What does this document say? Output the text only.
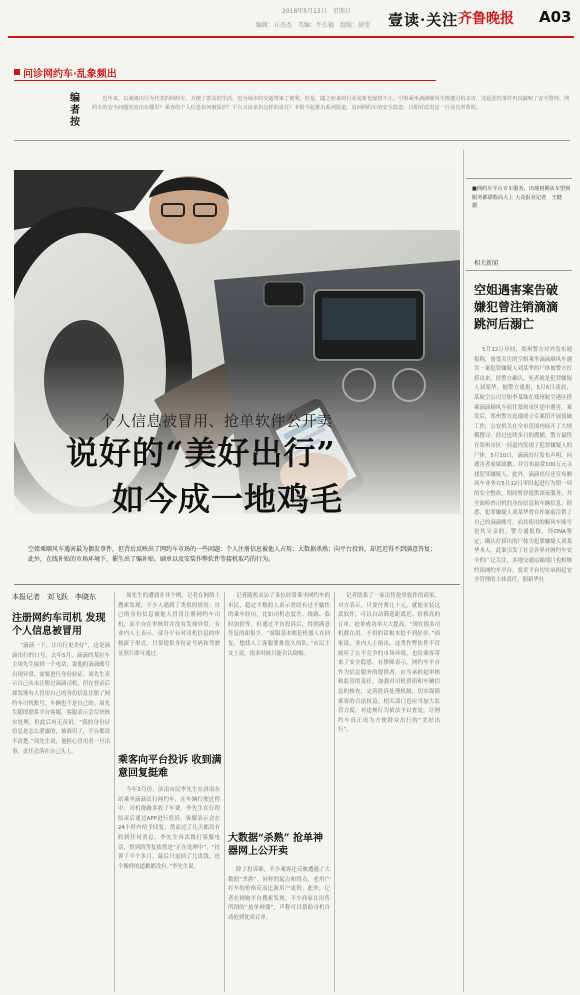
2018年5月13日　星期日
编辑：丘杰杰　美编：牛长德　组版：徐莹 壹读·关注 齐鲁晚报 A03
问诊网约车·乱象频出
编者按
近年来，以滴滴出行为代表的网约车，方便了群众的生活，也为城市的交通带来了便利。但是，随之而来的行业乱象也屡禁不止。空姐乘坐滴滴顺风车惨遭司机杀害，这起恶性事件再次敲响了安全警钟。网约车的安全问题究竟出在哪里？乘客的个人信息如何被保护？平台又该承担怎样的责任？本报今起推出系列报道，追问网约车的安全隐患，以期对改进这一行业有所帮助。
■网约车平台专车服务，出现初期从车型到服务都堪称高大上 大众报业记者　王健　摄
个人信息被冒用、抢单软件公开卖
说好的“美好出行”
如今成一地鸡毛
空姐乘顺风车遇害最为偶发事件，但背后反映出了网约车市场的一些问题：个人注册信息被他人占用；大数据杀熟；向平台投诉，却迟迟得不到满意答复；此外，在线补贴的市场环境下，催生出了骗补贴、刷单以及安装作弊软件等接机取巧的行为。
本报记者　刘飞跃　李晓东
注册网约车司机 发现个人信息被冒用
“滴滴一下，让出行更美好”，这是滴滴出行的口号。去年5月，滴滴的某位车主周先生接到一个电话，说他的滴滴账号出现异常，需要进行身份验证。周先生表示自己从未注册过滴滴司机，但在登录后却发现有人冒用自己的身份信息注册了网约车司机账号，车辆也不是自己的。周先生随即联系平台客服，客服表示会尽快核实处理，但此后再无音讯。“我的身份证信息是怎么泄露的，被谁用了，平台都说不清楚。”周先生说，他担心冒用者一旦出事，责任会落在自己头上。
周先生的遭遇并非个例。记者在网络上搜索发现，不少人遇到了类似的情况：自己的身份信息被他人冒用注册网约车司机，而平台在审核时并没有发现异常。有业内人士表示，部分平台对司机信息的审核流于形式，只要提供身份证号码和驾驶证照片即可通过。
乘客向平台投诉 收到满意回复挺难
今年3月份，济南市民李先生在济南东站乘坐滴滴出行网约车，在车辆行驶过程中，司机绕路多收了车费。李先生在行程结束后通过APP进行投诉，客服表示会在24小时内给予回复，然而过了几天都没有收到任何消息。李先生再次拨打客服电话，得到的答复依然是“正在处理中”。“投诉了半个多月，最后只退回了几块钱，连个像样的道歉都没有。”李先生说。
记者随机采访了多位经常乘坐网约车的市民，超过半数的人表示曾经有过不愉快的乘车经历，比如司机态度差、绕路、临时加价等，但通过平台投诉后，得到满意答复的却很少。“客服基本都是机器人在回复，想找人工客服要排很久的队。”市民王女士说，很多时候只能自认倒霉。
大数据“杀熟” 抢单神器网上公开卖
除了投诉难，不少乘客还反映遭遇了大数据“杀熟”。同样的起点和终点，老用户打车的价格反而比新用户更贵。此外，记者在网购平台搜索发现，不少商家在出售所谓的“抢单神器”，声称可以帮助司机自动抢到优质订单。
记者联系了一家出售抢单软件的商家，对方表示，只要付费几十元，就能安装这款软件，可以自动筛选距离近、价格高的订单，抢单成功率大大提高。“现在很多司机都在用，不用的话根本抢不到好单。”商家说。业内人士指出，这类作弊软件不仅破坏了公平竞争的市场环境，也给乘客带来了安全隐患。有律师表示，网约车平台作为信息服务的提供者，应当承担起审核和监管的责任，加强对司机资质和车辆信息的核查，完善投诉处理机制，切实保障乘客的合法权益。相关部门也应当加大监管力度，对违规行为依法予以查处，让网约车真正成为方便群众出行的“美好出行”。
相关新闻
空姐遇害案告破 嫌犯曾注销滴滴 跳河后溺亡
5月12日早间，郑州警方对外发布通报称，备受关注的空姐乘坐滴滴顺风车遇害一案犯罪嫌疑人刘某华的尸体被警方打捞出来，经警方确认，死者就是犯罪嫌疑人刘某华。据警方通报，5月6日凌晨，某航空公司空姐李某珠在郑州航空港区搭乘滴滴顺风车前往郑州市区途中遇害。案发后，郑州警方迅速成立专案组开展侦破工作，公安机关在全市范围内展开了大规模搜寻。经过连续多日的搜捕，警方最终在郑州市区一河道内发现了犯罪嫌疑人的尸体。5月10日，滴滴出行发布声明，向遇害者家属致歉，并宣布悬赏100万元寻找犯罪嫌疑人。此外，滴滴出行还宣布顺风车业务自5月12日零时起进行为期一周的安全整改，期间暂停提供深夜服务，并全面检查司机的身份信息和车辆信息。据悉，犯罪嫌疑人刘某华曾在作案前注销了自己的滴滴账号，而其使用的顺风车账号是其父亲的。警方通报称，经DNA鉴定，确认打捞出的尸体为犯罪嫌疑人刘某华本人。此案引发了社会各界对网约车安全的广泛关注，多地交通运输部门也相继约谈网约车平台，要求平台切实承担起安全管理的主体责任。据新华社
